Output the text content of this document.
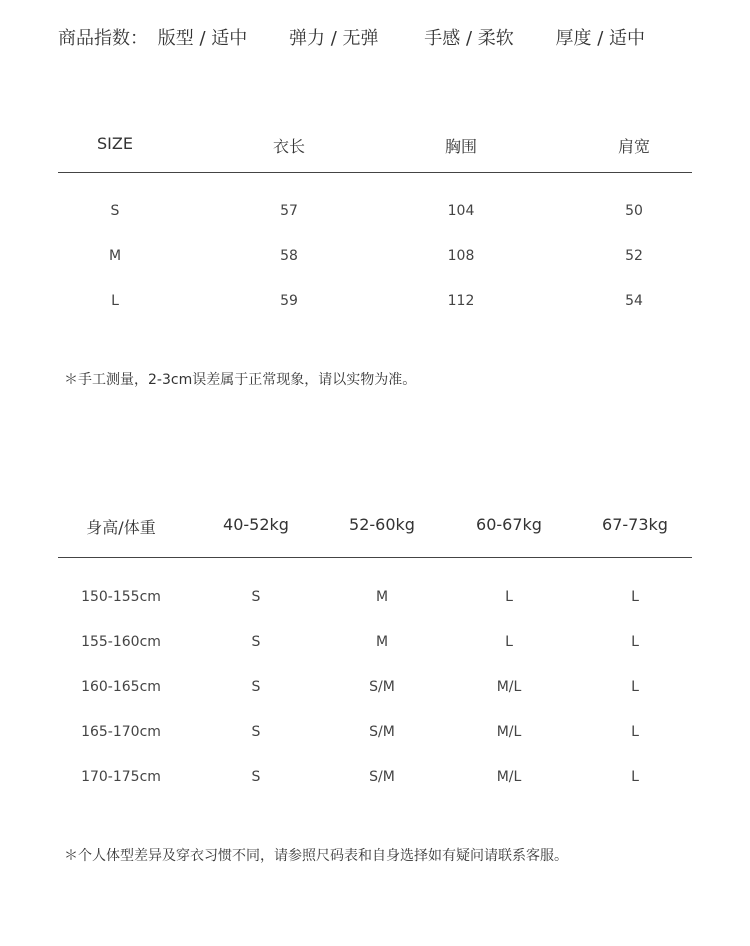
商品指数： 版型 / 适中 弹力 / 无弹	手感 / 柔软 厚度 / 适中
SIZE	衣长	胸围	肩宽
S	57	104	50
M	58	108	52
L	59	112	54
＊手工测量，2-3cm误差属于正常现象，请以实物为准。
身高/体重	40-52kg	52-60kg	60-67kg	67-73kg
150-155cm	S	M	L	L
155-160cm	S	M	L	L
160-165cm	S	S/M	M/L	L
165-170cm	S	S/M	M/L	L
170-175cm	S	S/M	M/L	L
＊个人体型差异及穿衣习惯不同，请参照尺码表和自身选择如有疑问请联系客服。
